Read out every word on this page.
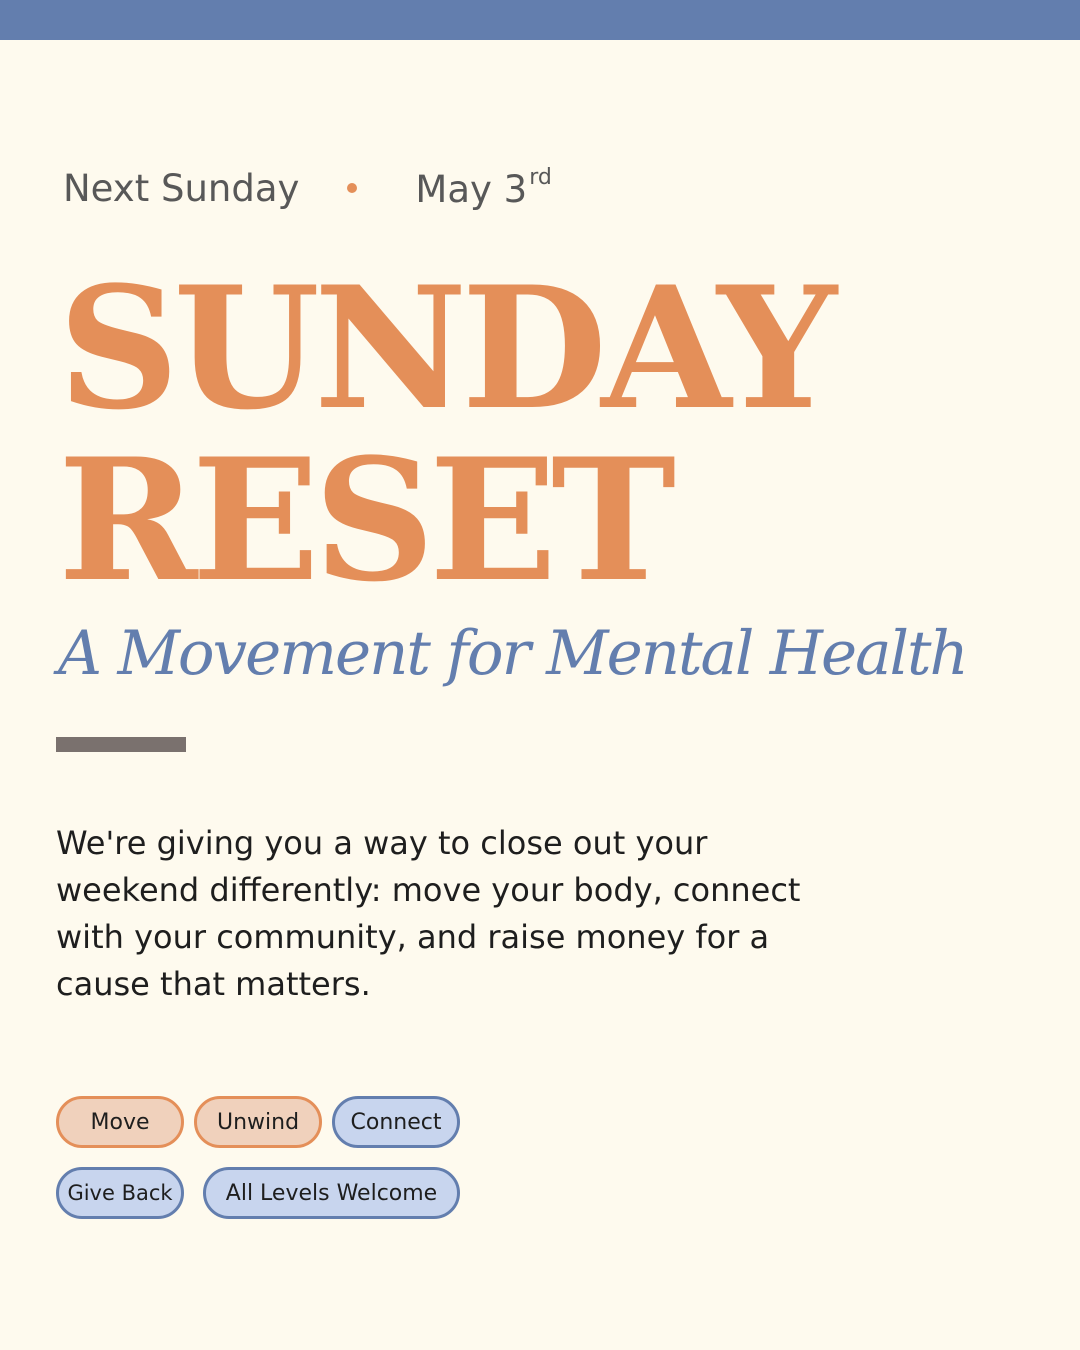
Next Sunday	May 3rd
SUNDAY
RESET
A Movement for Mental Health

We're giving you a way to close out your weekend differently: move your body, connect with your community, and raise money for a cause that matters.

Move	Unwind	Connect
Give Back	All Levels Welcome
